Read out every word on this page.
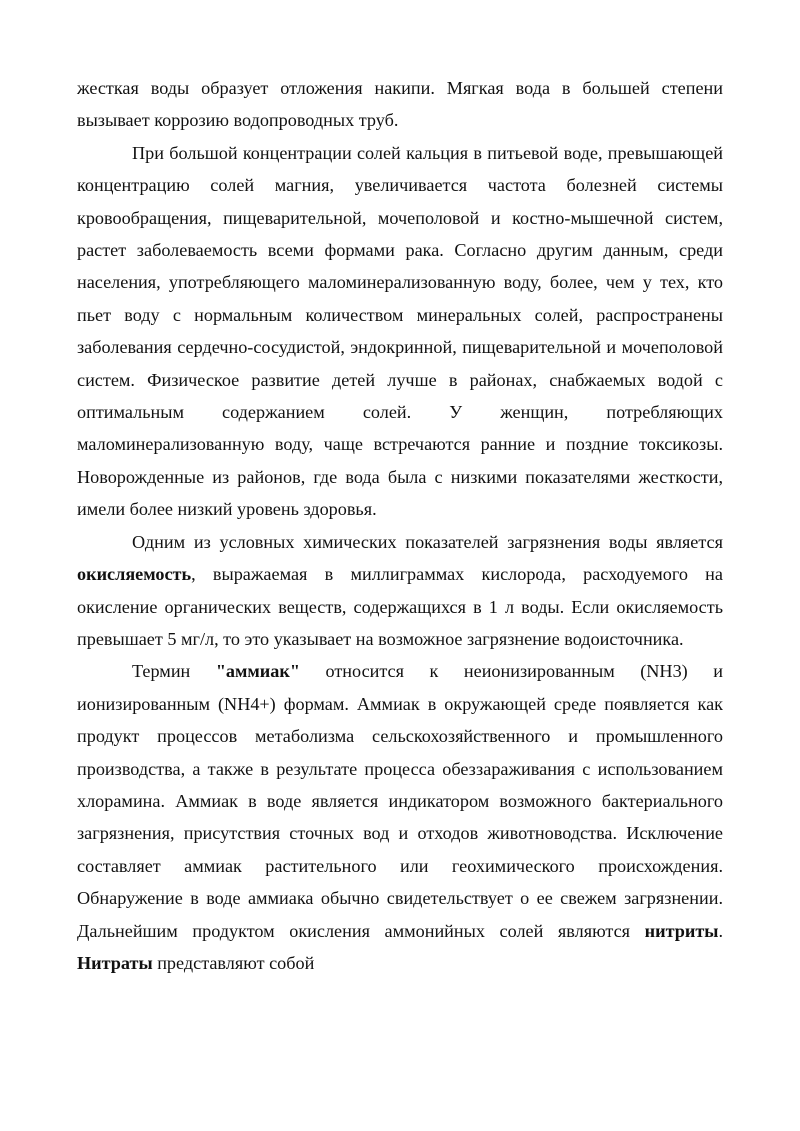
жесткая воды образует отложения накипи. Мягкая вода в большей степени вызывает коррозию водопроводных труб.

При большой концентрации солей кальция в питьевой воде, превышающей концентрацию солей магния, увеличивается частота болезней системы кровообращения, пищеварительной, мочеполовой и костно-мышечной систем, растет заболеваемость всеми формами рака. Согласно другим данным, среди населения, употребляющего маломинерализованную воду, более, чем у тех, кто пьет воду с нормальным количеством минеральных солей, распространены заболевания сердечно-сосудистой, эндокринной, пищеварительной и мочеполовой систем. Физическое развитие детей лучше в районах, снабжаемых водой с оптимальным содержанием солей. У женщин, потребляющих маломинерализованную воду, чаще встречаются ранние и поздние токсикозы. Новорожденные из районов, где вода была с низкими показателями жесткости, имели более низкий уровень здоровья.

Одним из условных химических показателей загрязнения воды является окисляемость, выражаемая в миллиграммах кислорода, расходуемого на окисление органических веществ, содержащихся в 1 л воды. Если окисляемость превышает 5 мг/л, то это указывает на возможное загрязнение водоисточника.

Термин "аммиак" относится к неионизированным (NH3) и ионизированным (NH4+) формам. Аммиак в окружающей среде появляется как продукт процессов метаболизма сельскохозяйственного и промышленного производства, а также в результате процесса обеззараживания с использованием хлорамина. Аммиак в воде является индикатором возможного бактериального загрязнения, присутствия сточных вод и отходов животноводства. Исключение составляет аммиак растительного или геохимического происхождения. Обнаружение в воде аммиака обычно свидетельствует о ее свежем загрязнении. Дальнейшим продуктом окисления аммонийных солей являются нитриты. Нитраты представляют собой
